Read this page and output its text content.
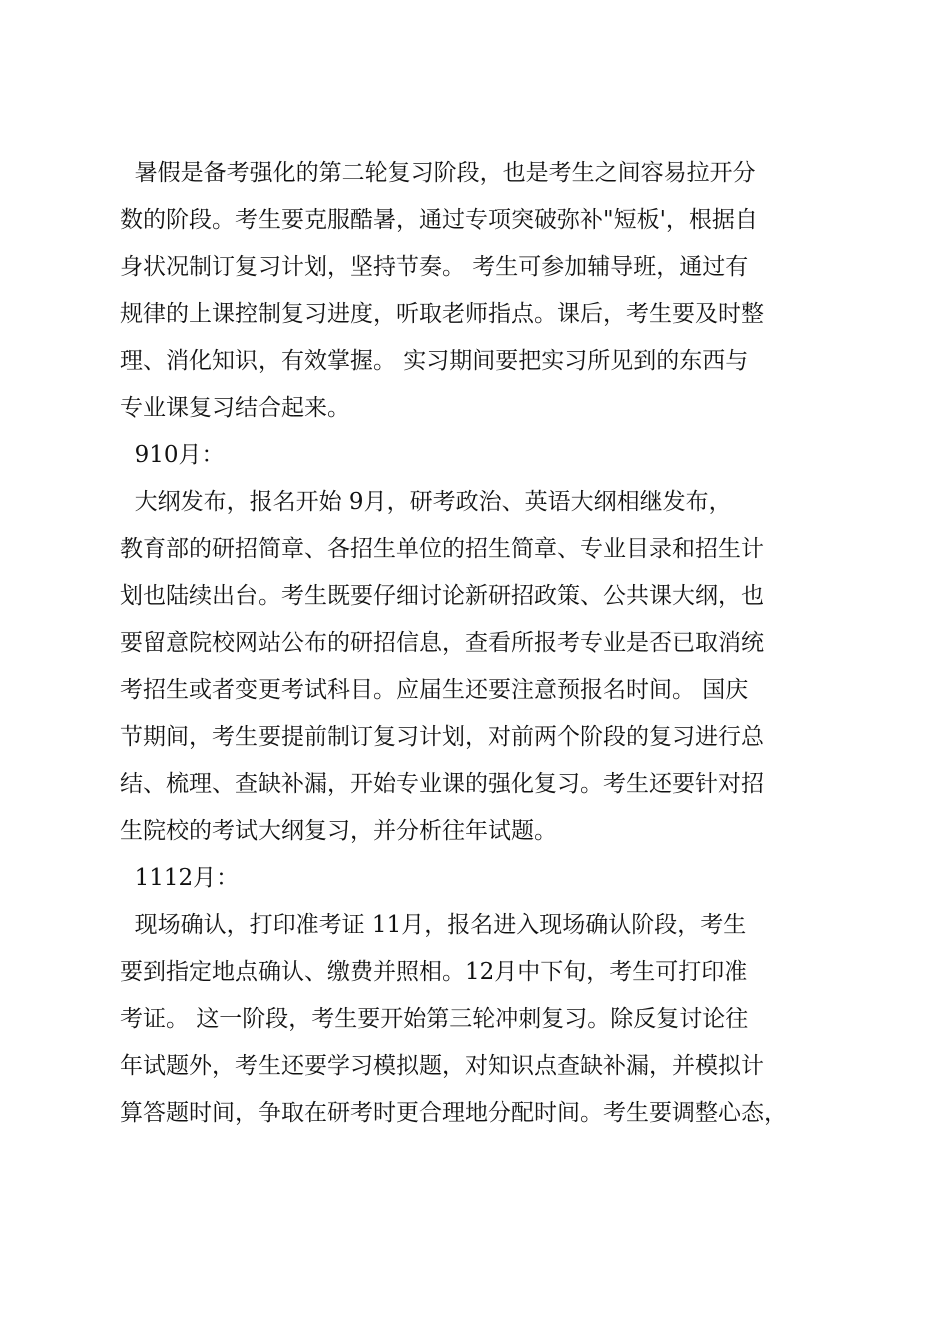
暑假是备考强化的第二轮复习阶段，也是考生之间容易拉开分
数的阶段。考生要克服酷暑，通过专项突破弥补"短板'，根据自
身状况制订复习计划，坚持节奏。 考生可参加辅导班，通过有
规律的上课控制复习进度，听取老师指点。课后，考生要及时整
理、消化知识，有效掌握。 实习期间要把实习所见到的东西与
专业课复习结合起来。
910月：
大纲发布，报名开始 9月，研考政治、英语大纲相继发布，
教育部的研招简章、各招生单位的招生简章、专业目录和招生计
划也陆续出台。考生既要仔细讨论新研招政策、公共课大纲，也
要留意院校网站公布的研招信息，查看所报考专业是否已取消统
考招生或者变更考试科目。应届生还要注意预报名时间。 国庆
节期间，考生要提前制订复习计划，对前两个阶段的复习进行总
结、梳理、查缺补漏，开始专业课的强化复习。考生还要针对招
生院校的考试大纲复习，并分析往年试题。
1112月：
现场确认，打印准考证 11月，报名进入现场确认阶段，考生
要到指定地点确认、缴费并照相。12月中下旬，考生可打印准
考证。 这一阶段，考生要开始第三轮冲刺复习。除反复讨论往
年试题外，考生还要学习模拟题，对知识点查缺补漏，并模拟计
算答题时间，争取在研考时更合理地分配时间。考生要调整心态，
